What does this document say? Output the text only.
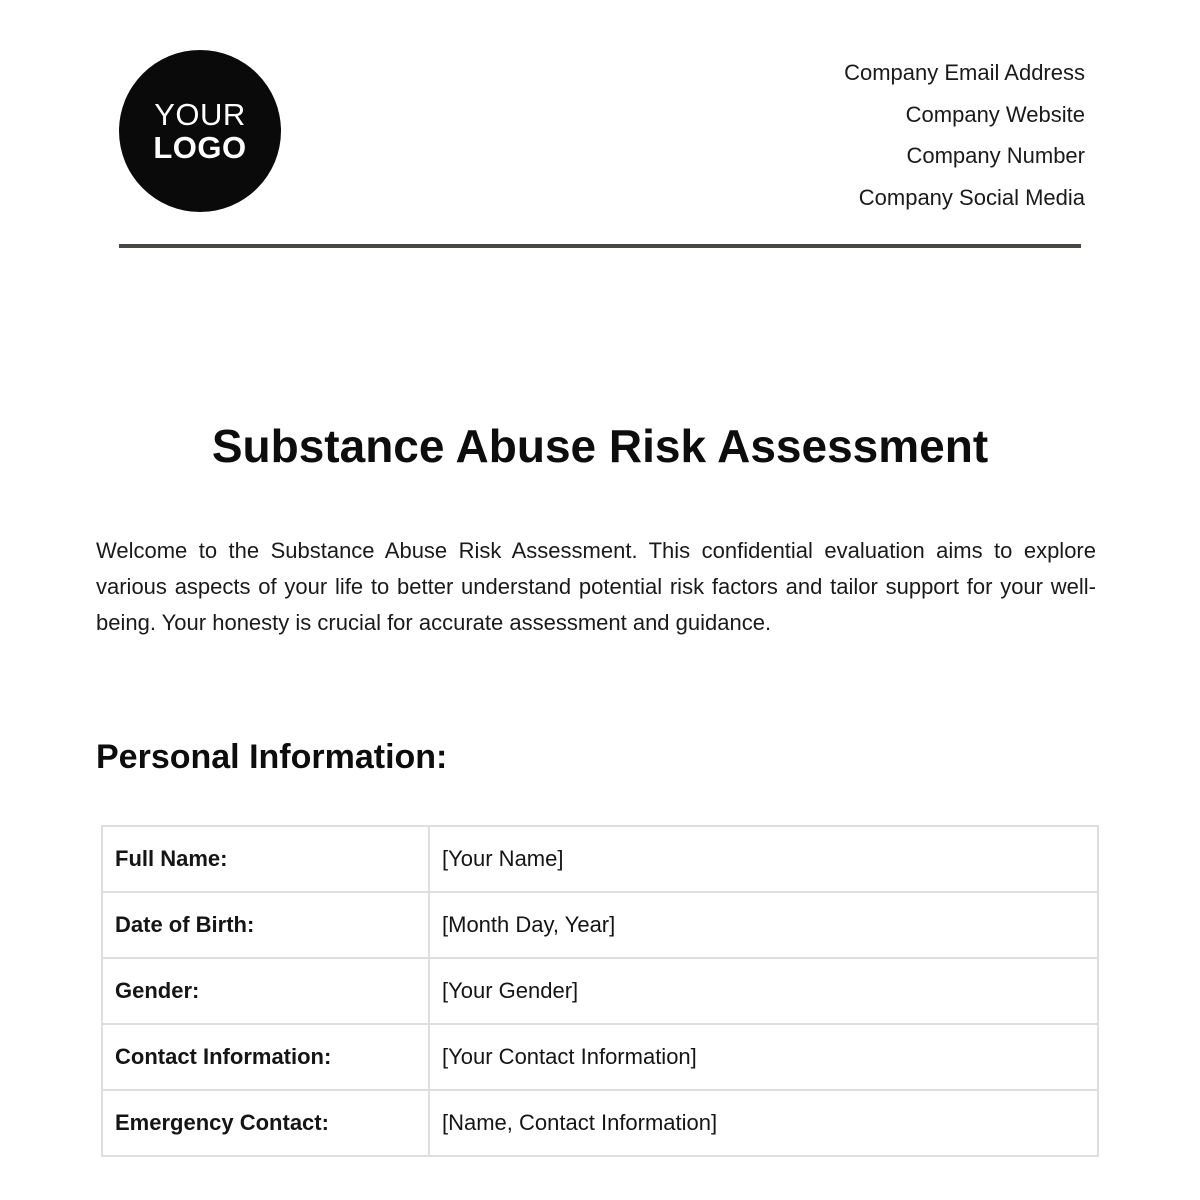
YOUR
LOGO
Company Email Address
Company Website
Company Number
Company Social Media
Substance Abuse Risk Assessment

Welcome to the Substance Abuse Risk Assessment. This confidential evaluation aims to explore various aspects of your life to better understand potential risk factors and tailor support for your well-being. Your honesty is crucial for accurate assessment and guidance.

Personal Information:
Full Name:	[Your Name]
Date of Birth:	[Month Day, Year]
Gender:	[Your Gender]
Contact Information:	[Your Contact Information]
Emergency Contact:	[Name, Contact Information]
